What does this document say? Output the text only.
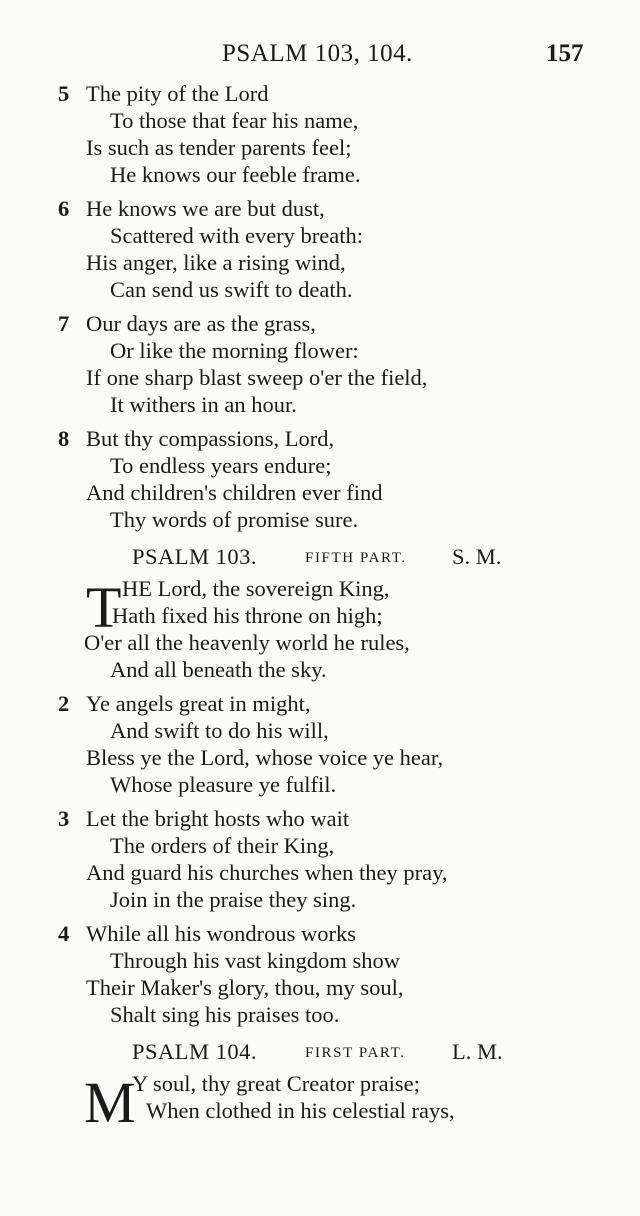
PSALM 103, 104.	157
5 The pity of the Lord
To those that fear his name,
Is such as tender parents feel;
He knows our feeble frame.
6 He knows we are but dust,
Scattered with every breath:
His anger, like a rising wind,
Can send us swift to death.
7 Our days are as the grass,
Or like the morning flower:
If one sharp blast sweep o'er the field,
It withers in an hour.
8 But thy compassions, Lord,
To endless years endure;
And children's children ever find
Thy words of promise sure.
PSALM 103.	FIFTH PART. S. M.
T HE Lord, the sovereign King,
Hath fixed his throne on high;
O'er all the heavenly world he rules,
And all beneath the sky.
2 Ye angels great in might,
And swift to do his will,
Bless ye the Lord, whose voice ye hear,
Whose pleasure ye fulfil.
3 Let the bright hosts who wait
The orders of their King,
And guard his churches when they pray,
Join in the praise they sing.
4 While all his wondrous works
Through his vast kingdom show
Their Maker's glory, thou, my soul,
Shalt sing his praises too.
PSALM 104.	FIRST PART. L. M.
M
Y soul, thy great Creator praise;
When clothed in his celestial rays,
